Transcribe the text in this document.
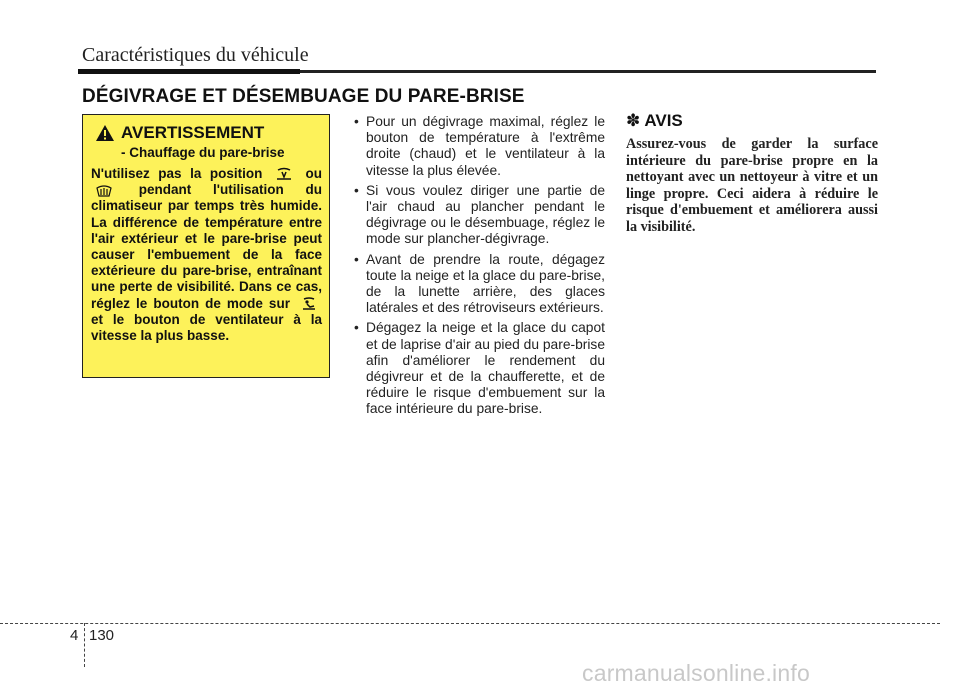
Caractéristiques du véhicule
DÉGIVRAGE ET DÉSEMBUAGE DU PARE-BRISE
AVERTISSEMENT
- Chauffage du pare-brise
N'utilisez pas la position	ou  pendant l'utilisation du climatiseur par temps très humide. La différence de température entre l'air extérieur et le pare-brise peut causer l'embuement de la face extérieure du pare-brise, entraînant une perte de visibilité. Dans ce cas, réglez le bouton de mode sur  et le bouton de ventilateur à la vitesse la plus basse.
• Pour un dégivrage maximal, réglez le bouton de température à l'extrême droite (chaud) et le ventilateur à la vitesse la plus élevée.
• Si vous voulez diriger une partie de l'air chaud au plancher pendant le dégivrage ou le désembuage, réglez le mode sur plancher-dégivrage.
• Avant de prendre la route, dégagez toute la neige et la glace du pare-brise, de la lunette arrière, des glaces latérales et des rétroviseurs extérieurs.
• Dégagez la neige et la glace du capot et de laprise d'air au pied du pare-brise afin d'améliorer le rendement du dégivreur et de la chaufferette, et de réduire le risque d'embuement sur la face intérieure du pare-brise.
✽ AVIS
Assurez-vous de garder la surface intérieure du pare-brise propre en la nettoyant avec un nettoyeur à vitre et un linge propre. Ceci aidera à réduire le risque d'embuement et améliorera aussi la visibilité.
4 130
carmanualsonline.info
